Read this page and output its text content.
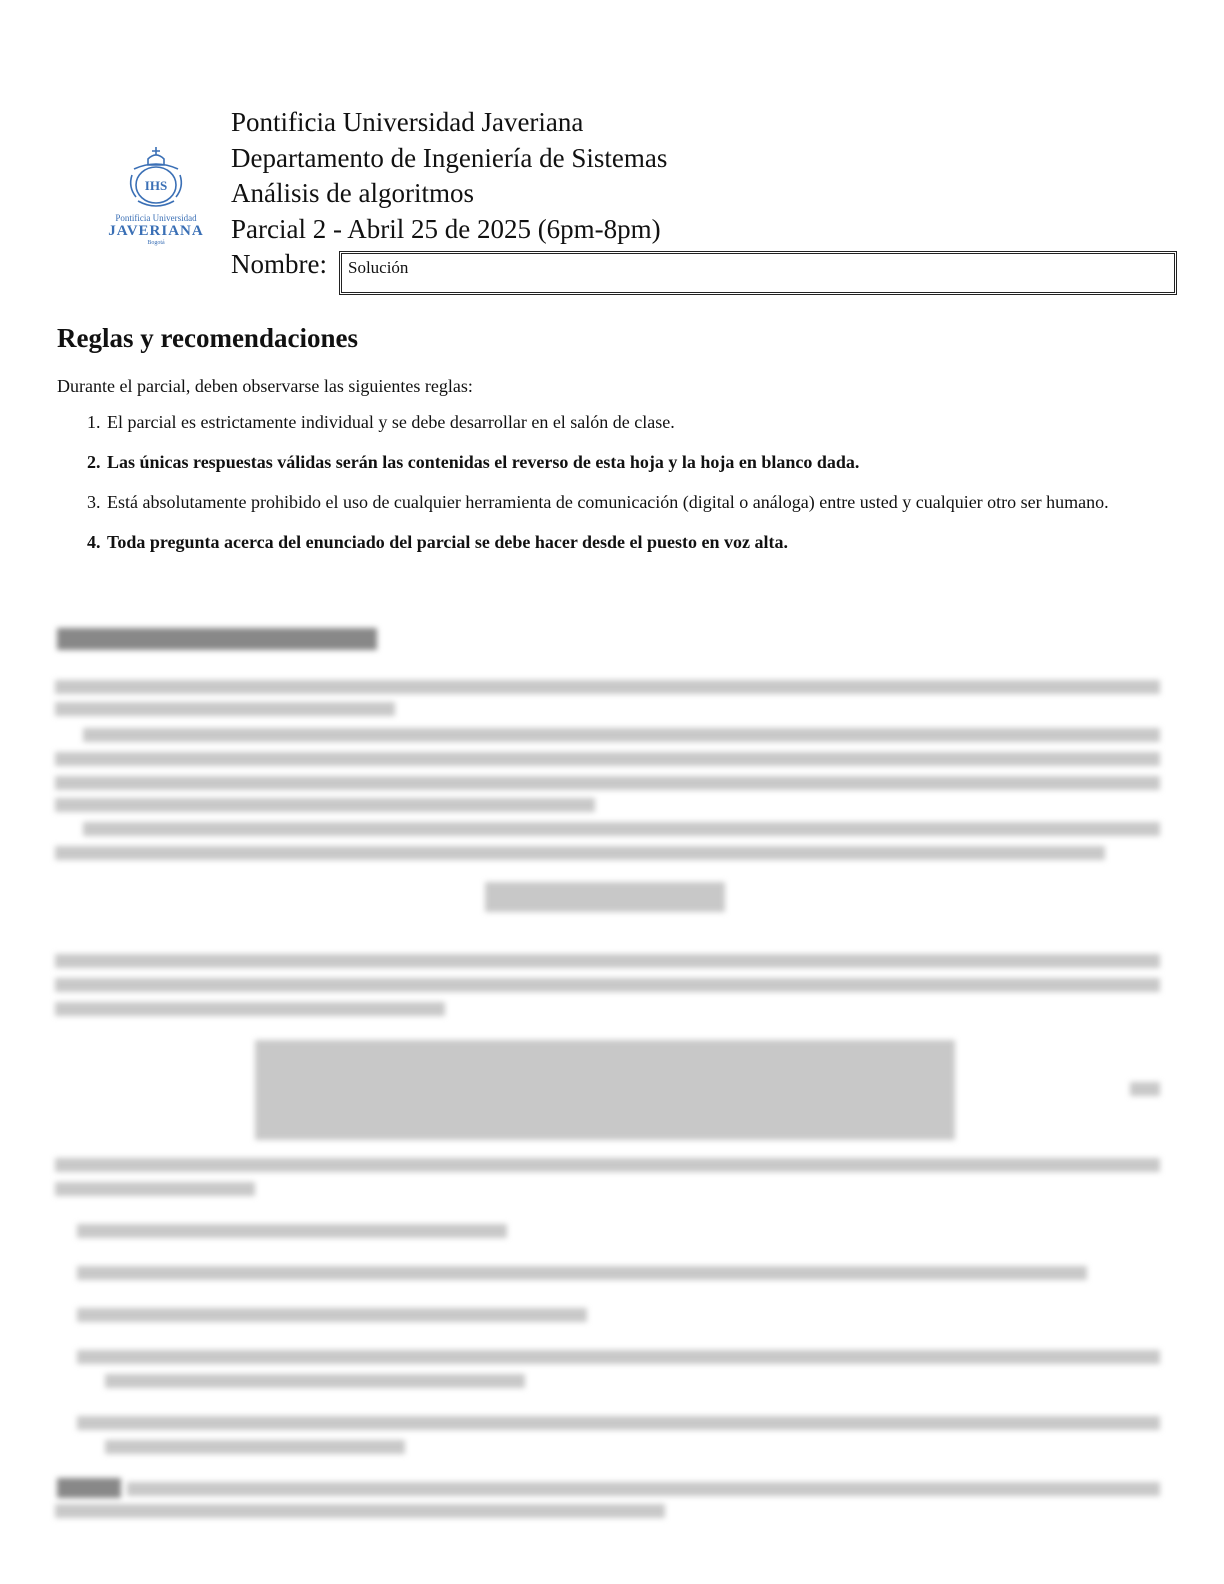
IHS
Pontificia Universidad
JAVERIANA
Bogotá
Pontificia Universidad Javeriana
Departamento de Ingeniería de Sistemas
Análisis de algoritmos
Parcial 2 - Abril 25 de 2025 (6pm-8pm)
Nombre:	Solución
Reglas y recomendaciones
Durante el parcial, deben observarse las siguientes reglas:
1. El parcial es estrictamente individual y se debe desarrollar en el salón de clase.
2. Las únicas respuestas válidas serán las contenidas el reverso de esta hoja y la hoja en blanco dada.
3. Está absolutamente prohibido el uso de cualquier herramienta de comunicación (digital o análoga) entre usted y cualquier otro ser humano.
4. Toda pregunta acerca del enunciado del parcial se debe hacer desde el puesto en voz alta.
